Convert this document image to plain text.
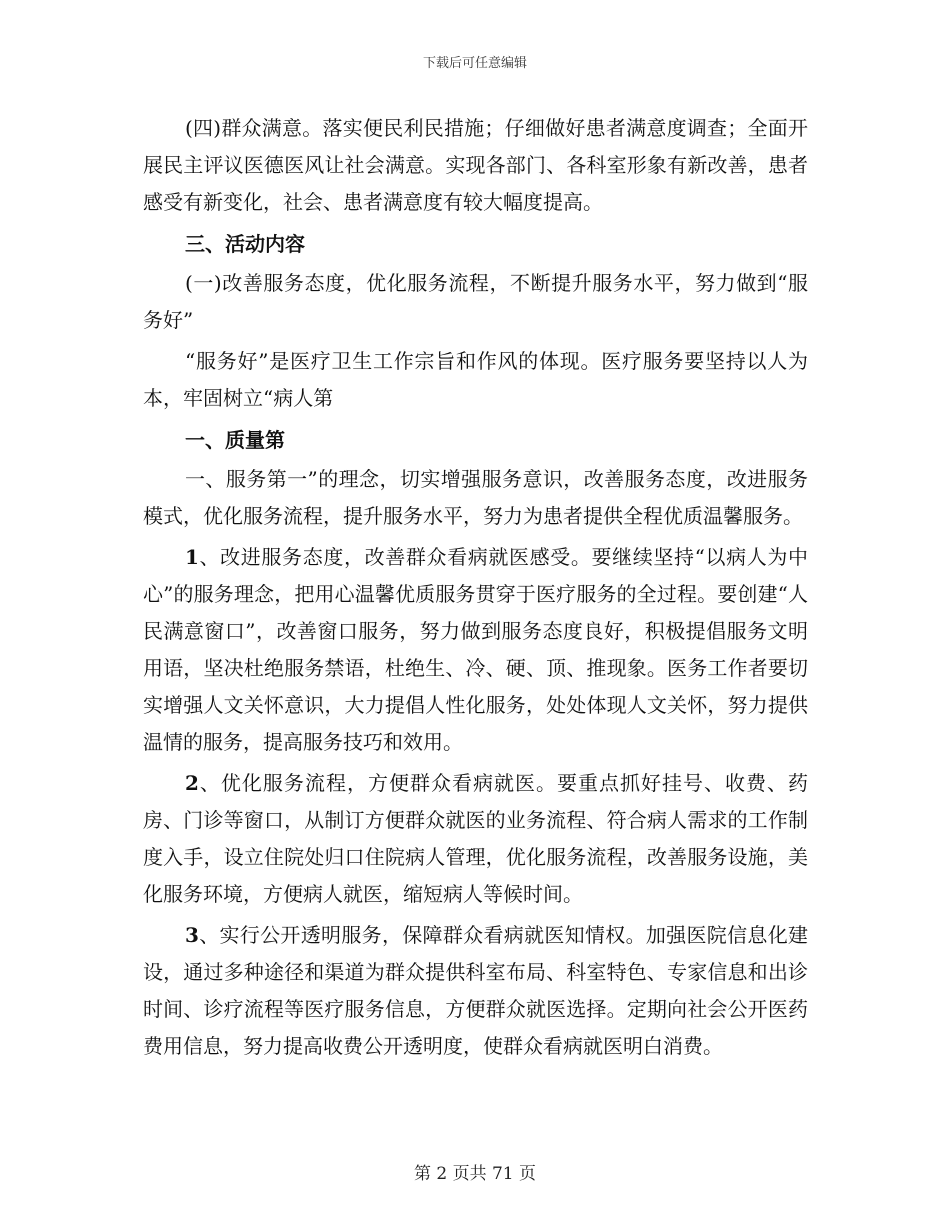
下载后可任意编辑

(四)群众满意。落实便民利民措施；仔细做好患者满意度调查；全面开展民主评议医德医风让社会满意。实现各部门、各科室形象有新改善，患者感受有新变化，社会、患者满意度有较大幅度提高。

三、活动内容

(一)改善服务态度，优化服务流程，不断提升服务水平，努力做到“服务好”

“服务好”是医疗卫生工作宗旨和作风的体现。医疗服务要坚持以人为本，牢固树立“病人第

一、质量第

一、服务第一”的理念，切实增强服务意识，改善服务态度，改进服务模式，优化服务流程，提升服务水平，努力为患者提供全程优质温馨服务。

1、改进服务态度，改善群众看病就医感受。要继续坚持“以病人为中心”的服务理念，把用心温馨优质服务贯穿于医疗服务的全过程。要创建“人民满意窗口”，改善窗口服务，努力做到服务态度良好，积极提倡服务文明用语，坚决杜绝服务禁语，杜绝生、冷、硬、顶、推现象。医务工作者要切实增强人文关怀意识，大力提倡人性化服务，处处体现人文关怀，努力提供温情的服务，提高服务技巧和效用。

2、优化服务流程，方便群众看病就医。要重点抓好挂号、收费、药房、门诊等窗口，从制订方便群众就医的业务流程、符合病人需求的工作制度入手，设立住院处归口住院病人管理，优化服务流程，改善服务设施，美化服务环境，方便病人就医，缩短病人等候时间。

3、实行公开透明服务，保障群众看病就医知情权。加强医院信息化建设，通过多种途径和渠道为群众提供科室布局、科室特色、专家信息和出诊时间、诊疗流程等医疗服务信息，方便群众就医选择。定期向社会公开医药费用信息，努力提高收费公开透明度，使群众看病就医明白消费。

第 2 页共 71 页
